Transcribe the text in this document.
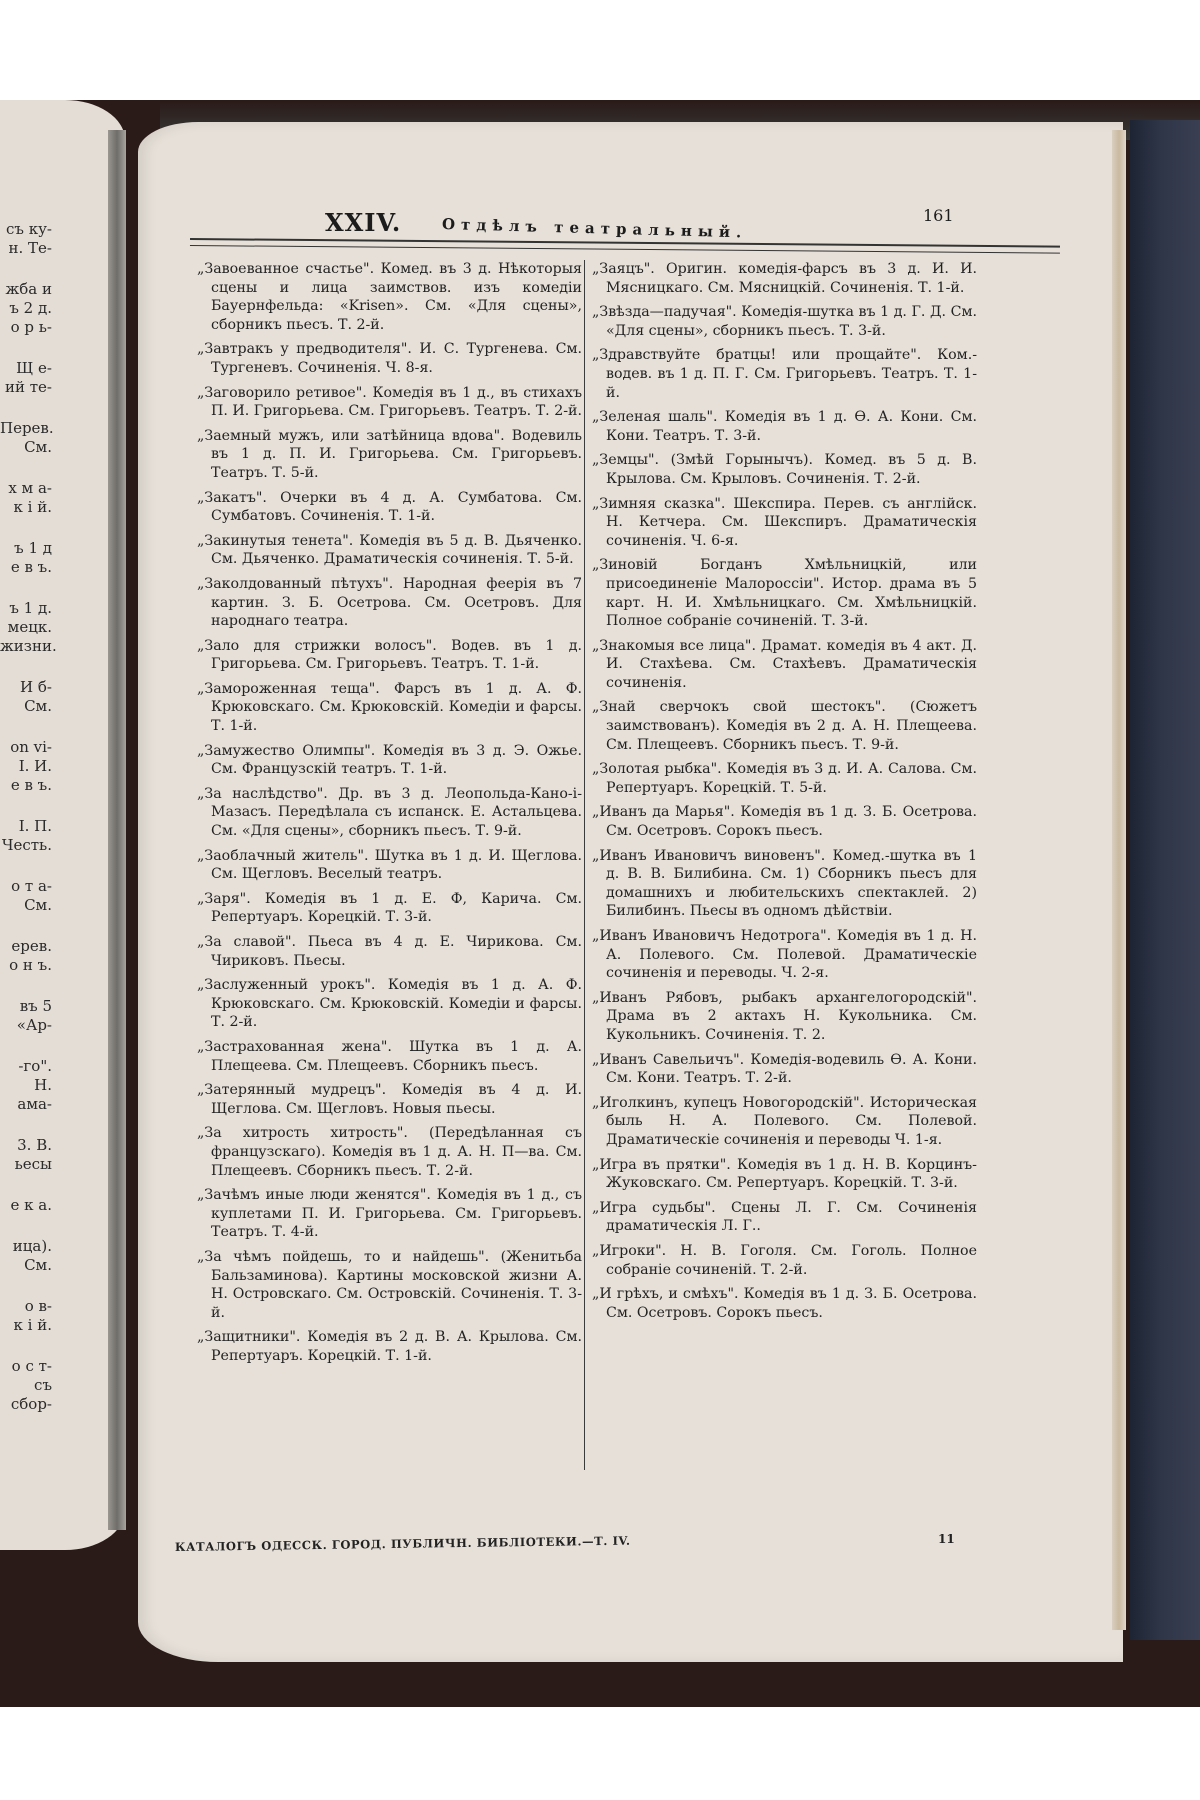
съ ку-
н. Те-
жба и
ъ 2 д.
о р ь-
Щ е-
ий те-
Перев.
См.
х м а-
к і й.
ъ 1 д
е в ъ.
ъ 1 д.
мецк.
жизни.
И б-
См.
on vi-
I. И.
е в ъ.
I. П.
Честь.
о т а-
См.
ерев.
о н ъ.
въ 5
«Ар-
-го".
Н.
ама-
3. В.
ьесы
е к а.
ица).
См.
о в-
к і й.
о с т-
съ
сбор-
XXIV.	Отдѣлъ театральный.	161

„Завоеванное счастье". Комед. въ 3 д. Нѣкоторыя сцены и лица заимствов. изъ комедіи Бауернфельда: «Krisen». См. «Для сцены», сборникъ пьесъ. Т. 2-й.

„Завтракъ у предводителя". И. С. Тургенева. См. Тургеневъ. Сочиненія. Ч. 8-я.

„Заговорило ретивое". Комедія въ 1 д., въ стихахъ П. И. Григорьева. См. Григорьевъ. Театръ. Т. 2-й.

„Заемный мужъ, или затѣйница вдова". Водевиль въ 1 д. П. И. Григорьева. См. Григорьевъ. Театръ. Т. 5-й.

„Закатъ". Очерки въ 4 д. А. Сумбатова. См. Сумбатовъ. Сочиненія. Т. 1-й.

„Закинутыя тенета". Комедія въ 5 д. В. Дьяченко. См. Дьяченко. Драматическія сочиненія. Т. 5-й.

„Заколдованный пѣтухъ". Народная феерія въ 7 картин. З. Б. Осетрова. См. Осетровъ. Для народнаго театра.

„Зало для стрижки волосъ". Водев. въ 1 д. Григорьева. См. Григорьевъ. Театръ. Т. 1-й.

„Замороженная теща". Фарсъ въ 1 д. А. Ф. Крюковскаго. См. Крюковскій. Комедіи и фарсы. Т. 1-й.

„Замужество Олимпы". Комедія въ 3 д. Э. Ожье. См. Французскій театръ. Т. 1-й.

„За наслѣдство". Др. въ 3 д. Леопольда-Кано-і-Мазасъ. Передѣлала съ испанск. Е. Астальцева. См. «Для сцены», сборникъ пьесъ. Т. 9-й.

„Заоблачный житель". Шутка въ 1 д. И. Щеглова. См. Щегловъ. Веселый театръ.

„Заря". Комедія въ 1 д. Е. Ф, Карича. См. Репертуаръ. Корецкій. Т. 3-й.

„За славой". Пьеса въ 4 д. Е. Чирикова. См. Чириковъ. Пьесы.

„Заслуженный урокъ". Комедія въ 1 д. А. Ф. Крюковскаго. См. Крюковскій. Комедіи и фарсы. Т. 2-й.

„Застрахованная жена". Шутка въ 1 д. А. Плещеева. См. Плещеевъ. Сборникъ пьесъ.

„Затерянный мудрецъ". Комедія въ 4 д. И. Щеглова. См. Щегловъ. Новыя пьесы.

„За хитрость хитрость". (Передѣланная съ французскаго). Комедія въ 1 д. А. Н. П—ва. См. Плещеевъ. Сборникъ пьесъ. Т. 2-й.

„Зачѣмъ иные люди женятся". Комедія въ 1 д., съ куплетами П. И. Григорьева. См. Григорьевъ. Театръ. Т. 4-й.

„За чѣмъ пойдешь, то и найдешь". (Женитьба Бальзаминова). Картины московской жизни А. Н. Островскаго. См. Островскій. Сочиненія. Т. 3-й.

„Защитники". Комедія въ 2 д. В. А. Крылова. См. Репертуаръ. Корецкій. Т. 1-й.

„Заяцъ". Оригин. комедія-фарсъ въ 3 д. И. И. Мясницкаго. См. Мясницкій. Сочиненія. Т. 1-й.

„Звѣзда—падучая". Комедія-шутка въ 1 д. Г. Д. См. «Для сцены», сборникъ пьесъ. Т. 3-й.

„Здравствуйте братцы! или прощайте". Ком.-водев. въ 1 д. П. Г. См. Григорьевъ. Театръ. Т. 1-й.

„Зеленая шаль". Комедія въ 1 д. Ѳ. А. Кони. См. Кони. Театръ. Т. 3-й.

„Земцы". (Змѣй Горынычъ). Комед. въ 5 д. В. Крылова. См. Крыловъ. Сочиненія. Т. 2-й.

„Зимняя сказка". Шекспира. Перев. съ англійск. Н. Кетчера. См. Шекспиръ. Драматическія сочиненія. Ч. 6-я.

„Зиновій Богданъ Хмѣльницкій, или присоединеніе Малороссіи". Истор. драма въ 5 карт. Н. И. Хмѣльницкаго. См. Хмѣльницкій. Полное собраніе сочиненій. Т. 3-й.

„Знакомыя все лица". Драмат. комедія въ 4 акт. Д. И. Стахѣева. См. Стахѣевъ. Драматическія сочиненія.

„Знай сверчокъ свой шестокъ". (Сюжетъ заимствованъ). Комедія въ 2 д. А. Н. Плещеева. См. Плещеевъ. Сборникъ пьесъ. Т. 9-й.

„Золотая рыбка". Комедія въ 3 д. И. А. Салова. См. Репертуаръ. Корецкій. Т. 5-й.

„Иванъ да Марья". Комедія въ 1 д. З. Б. Осетрова. См. Осетровъ. Сорокъ пьесъ.

„Иванъ Ивановичъ виновенъ". Комед.-шутка въ 1 д. В. В. Билибина. См. 1) Сборникъ пьесъ для домашнихъ и любительскихъ спектаклей. 2) Билибинъ. Пьесы въ одномъ дѣйствіи.

„Иванъ Ивановичъ Недотрога". Комедія въ 1 д. Н. А. Полевого. См. Полевой. Драматическіе сочиненія и переводы. Ч. 2-я.

„Иванъ Рябовъ, рыбакъ архангелогородскій". Драма въ 2 актахъ Н. Кукольника. См. Кукольникъ. Сочиненія. Т. 2.

„Иванъ Савельичъ". Комедія-водевиль Ѳ. А. Кони. См. Кони. Театръ. Т. 2-й.

„Иголкинъ, купецъ Новогородскій". Историческая быль Н. А. Полевого. См. Полевой. Драматическіе сочиненія и переводы Ч. 1-я.

„Игра въ прятки". Комедія въ 1 д. Н. В. Корцинъ-Жуковскаго. См. Репертуаръ. Корецкій. Т. 3-й.

„Игра судьбы". Сцены Л. Г. См. Сочиненія драматическія Л. Г..

„Игроки". Н. В. Гоголя. См. Гоголь. Полное собраніе сочиненій. Т. 2-й.

„И грѣхъ, и смѣхъ". Комедія въ 1 д. З. Б. Осетрова. См. Осетровъ. Сорокъ пьесъ.

КАТАЛОГЪ ОДЕССК. ГОРОД. ПУБЛИЧН. БИБЛIОТЕКИ.—Т. IV.	11
